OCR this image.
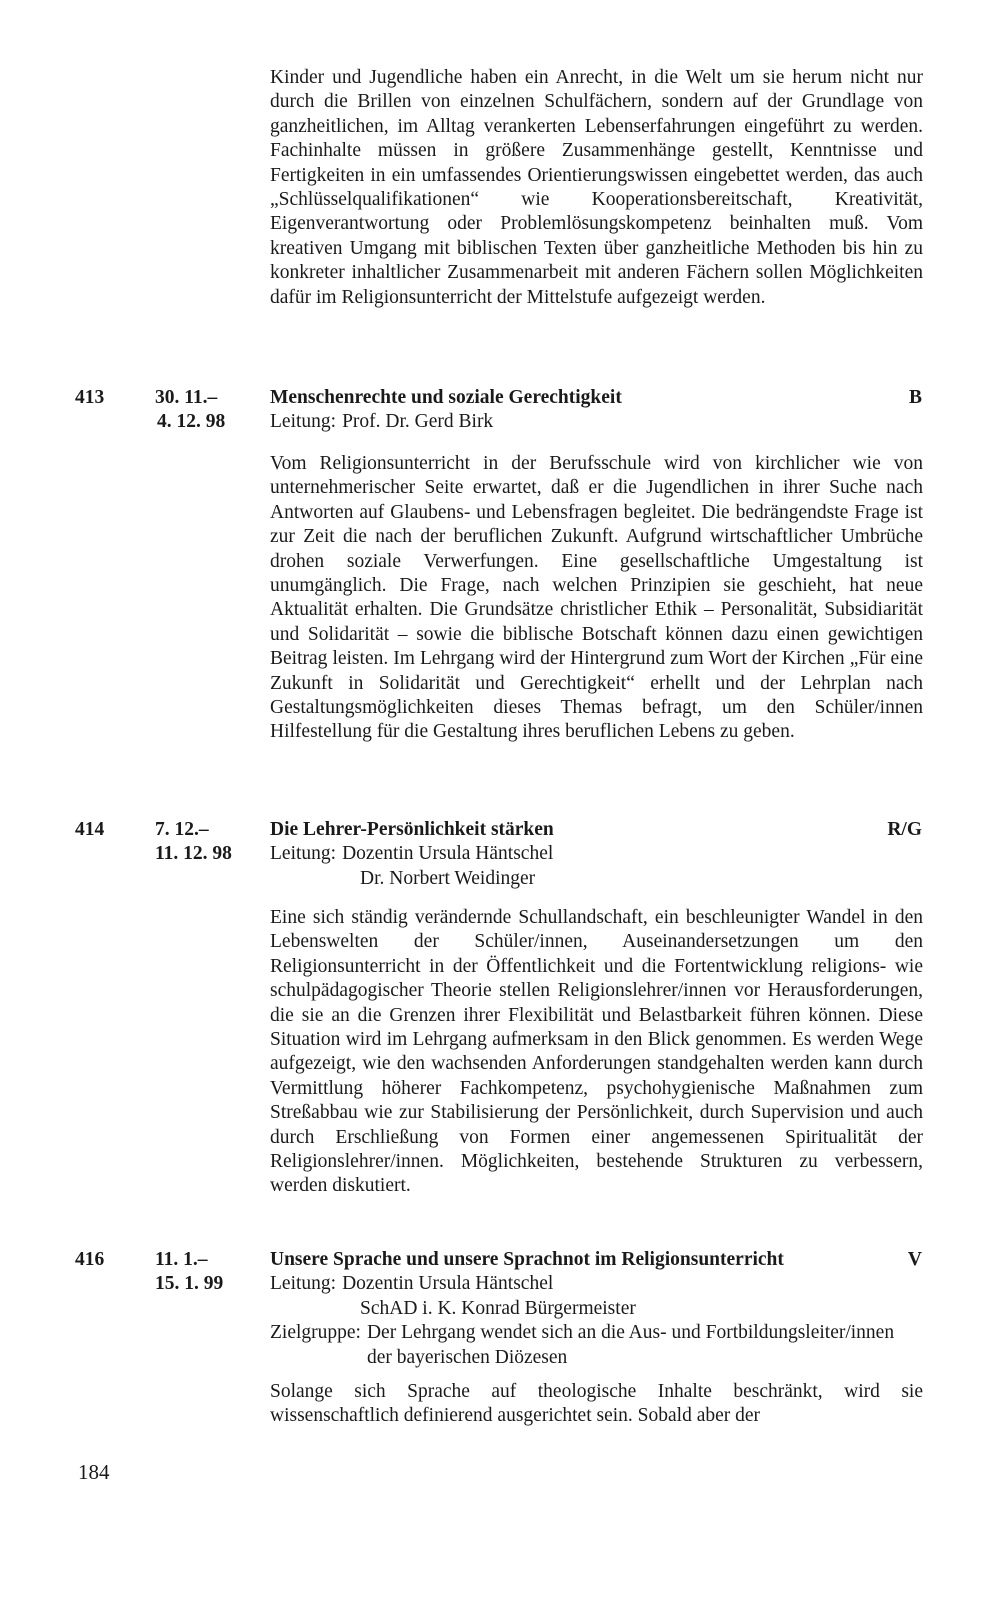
Kinder und Jugendliche haben ein Anrecht, in die Welt um sie herum nicht nur durch die Brillen von einzelnen Schulfächern, sondern auf der Grundlage von ganzheitlichen, im Alltag verankerten Lebenserfahrungen eingeführt zu werden. Fachinhalte müssen in größere Zusammenhänge gestellt, Kenntnisse und Fertigkeiten in ein umfassendes Orientierungswissen eingebettet werden, das auch „Schlüsselqualifikationen“ wie Kooperationsbereitschaft, Kreativität, Eigenverantwortung oder Problemlösungskompetenz beinhalten muß. Vom kreativen Umgang mit biblischen Texten über ganzheitliche Methoden bis hin zu konkreter inhaltlicher Zusammenarbeit mit anderen Fächern sollen Möglichkeiten dafür im Religionsunterricht der Mittelstufe aufgezeigt werden.
413	30. 11.–
4. 12. 98
Menschenrechte und soziale Gerechtigkeit	B
Leitung: Prof. Dr. Gerd Birk
Vom Religionsunterricht in der Berufsschule wird von kirchlicher wie von unternehmerischer Seite erwartet, daß er die Jugendlichen in ihrer Suche nach Antworten auf Glaubens- und Lebensfragen begleitet. Die bedrängendste Frage ist zur Zeit die nach der beruflichen Zukunft. Aufgrund wirtschaftlicher Umbrüche drohen soziale Verwerfungen. Eine gesellschaftliche Umgestaltung ist unumgänglich. Die Frage, nach welchen Prinzipien sie geschieht, hat neue Aktualität erhalten. Die Grundsätze christlicher Ethik – Personalität, Subsidiarität und Solidarität – sowie die biblische Botschaft können dazu einen gewichtigen Beitrag leisten. Im Lehrgang wird der Hintergrund zum Wort der Kirchen „Für eine Zukunft in Solidarität und Gerechtigkeit“ erhellt und der Lehrplan nach Gestaltungsmöglichkeiten dieses Themas befragt, um den Schüler/innen Hilfestellung für die Gestaltung ihres beruflichen Lebens zu geben.
414	7. 12.–
11. 12. 98
Die Lehrer-Persönlichkeit stärken	R/G
Leitung: Dozentin Ursula Häntschel
Dr. Norbert Weidinger
Eine sich ständig verändernde Schullandschaft, ein beschleunigter Wandel in den Lebenswelten der Schüler/innen, Auseinandersetzungen um den Religionsunterricht in der Öffentlichkeit und die Fortentwicklung religions- wie schulpädagogischer Theorie stellen Religionslehrer/innen vor Herausforderungen, die sie an die Grenzen ihrer Flexibilität und Belastbarkeit führen können. Diese Situation wird im Lehrgang aufmerksam in den Blick genommen. Es werden Wege aufgezeigt, wie den wachsenden Anforderungen standgehalten werden kann durch Vermittlung höherer Fachkompetenz, psychohygienische Maßnahmen zum Streßabbau wie zur Stabilisierung der Persönlichkeit, durch Supervision und auch durch Erschließung von Formen einer angemessenen Spiritualität der Religionslehrer/innen. Möglichkeiten, bestehende Strukturen zu verbessern, werden diskutiert.
416	11. 1.–
15. 1. 99
Unsere Sprache und unsere Sprachnot im Religionsunterricht	V
Leitung: Dozentin Ursula Häntschel
SchAD i. K. Konrad Bürgermeister
Zielgruppe: Der Lehrgang wendet sich an die Aus- und Fortbildungsleiter/innen der bayerischen Diözesen
Solange sich Sprache auf theologische Inhalte beschränkt, wird sie wissenschaftlich definierend ausgerichtet sein. Sobald aber der
184
